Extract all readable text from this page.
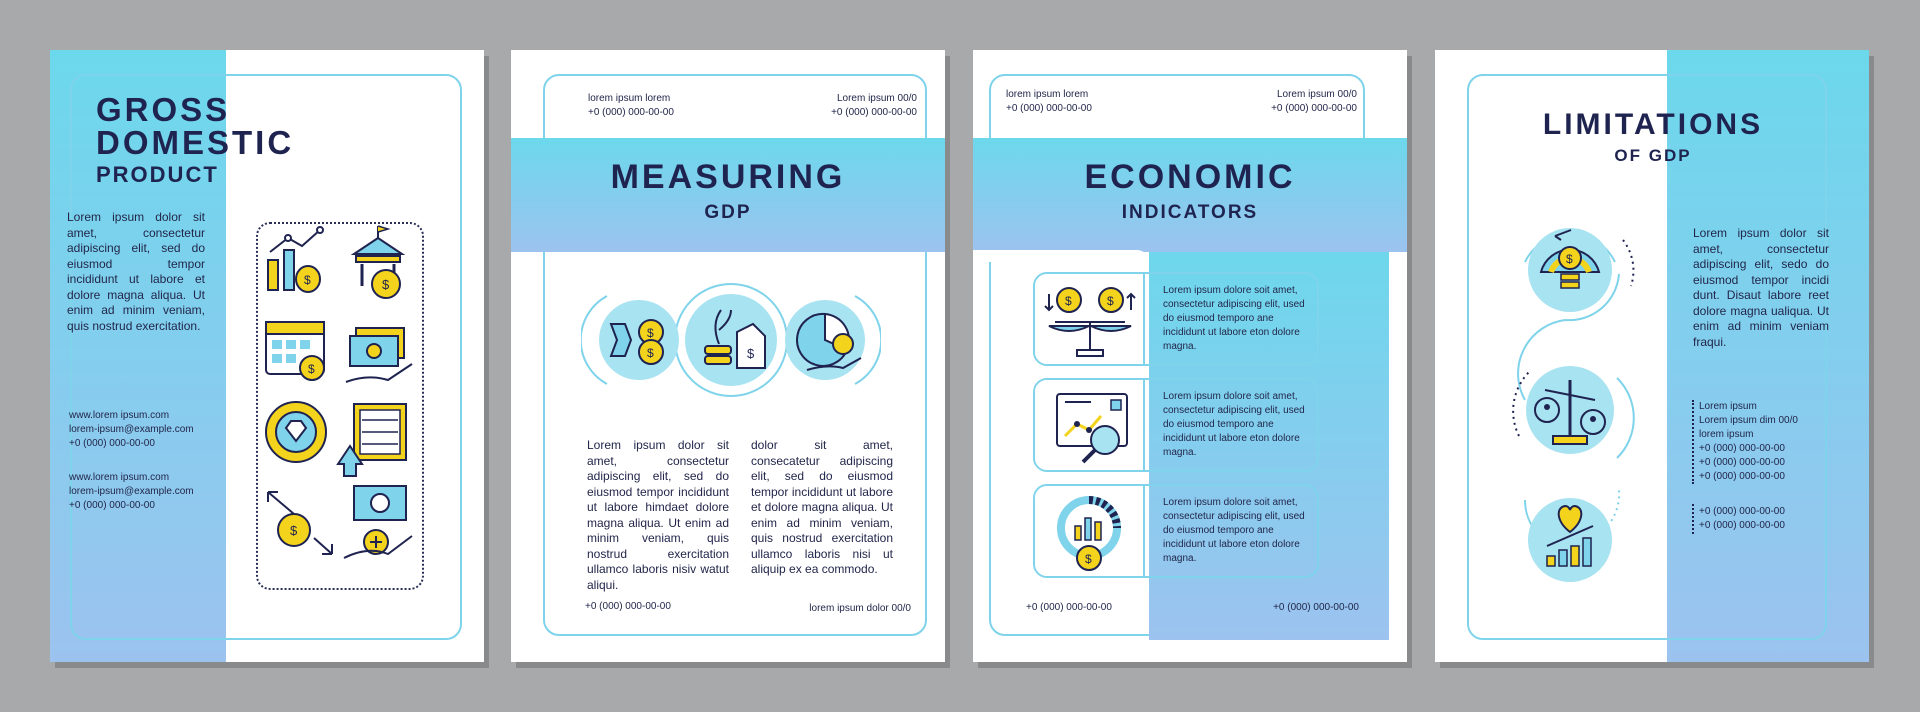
GROSS
DOMESTIC
PRODUCT
Lorem ipsum dolor sit amet, consectetur adipiscing elit, sed do eiusmod tempor incididunt ut labore et dolore magna aliqua. Ut enim ad minim veniam, quis nostrud exercitation.
www.lorem ipsum.com
lorem-ipsum@example.com
+0 (000) 000-00-00
www.lorem ipsum.com
lorem-ipsum@example.com
+0 (000) 000-00-00
$	$
$
$
lorem ipsum lorem
+0 (000) 000-00-00
Lorem ipsum 00/0
+0 (000) 000-00-00
MEASURING
GDP
$
$	$
Lorem ipsum dolor sit amet, consectetur adipiscing elit, sed do eiusmod tempor incididunt ut labore himdaet dolore magna aliqua. Ut enim ad minim veniam, quis nostrud exercitation ullamco laboris nisiv watut aliqui.
dolor sit amet, consecatetur adipiscing elit, sed do eiusmod tempor incididunt ut labore et dolore magna aliqua. Ut enim ad minim veniam, quis nostrud exercitation ullamco laboris nisi ut aliquip ex ea commodo.
+0 (000) 000-00-00	lorem ipsum dolor 00/0
lorem ipsum lorem
+0 (000) 000-00-00
Lorem ipsum 00/0
+0 (000) 000-00-00
ECONOMIC
INDICATORS
$	$
Lorem ipsum dolore soit amet, consectetur adipiscing elit, used do eiusmod temporo ane incididunt ut labore eton dolore magna.
Lorem ipsum dolore soit amet, consectetur adipiscing elit, used do eiusmod temporo ane incididunt ut labore eton dolore magna.
$
Lorem ipsum dolore soit amet, consectetur adipiscing elit, used do eiusmod temporo ane incididunt ut labore eton dolore magna.
+0 (000) 000-00-00	+0 (000) 000-00-00
LIMITATIONS
OF GDP
$
Lorem ipsum dolor sit amet, consectetur adipiscing elit, sedo do eiusmod tempor incidi dunt. Disaut labore reet dolore magna ualiqua. Ut enim ad minim veniam fraqui.
Lorem ipsum
Lorem ipsum dim 00/0
lorem ipsum
+0 (000) 000-00-00
+0 (000) 000-00-00
+0 (000) 000-00-00
+0 (000) 000-00-00
+0 (000) 000-00-00
